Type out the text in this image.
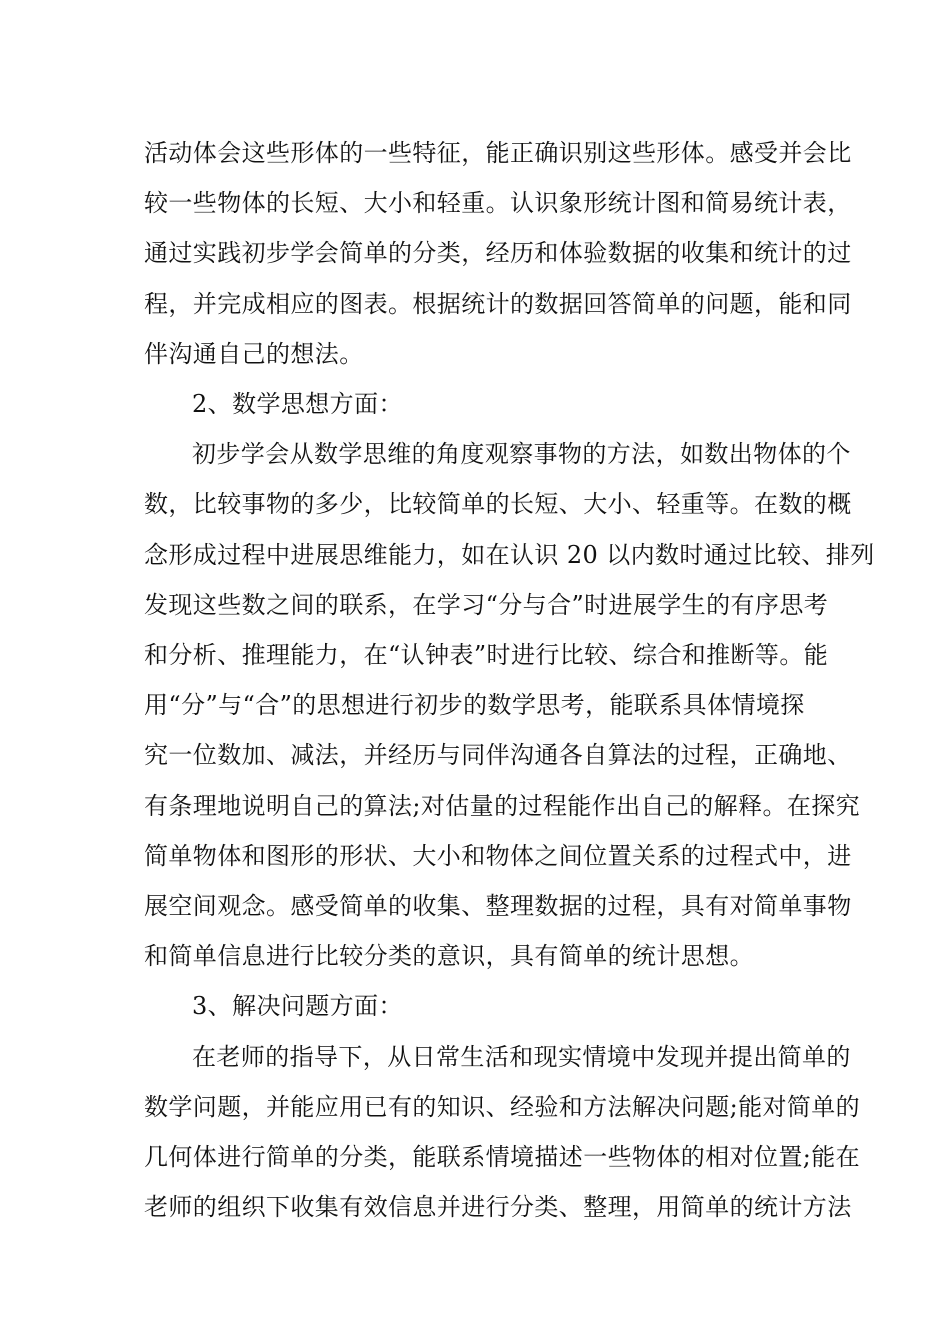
活动体会这些形体的一些特征，能正确识别这些形体。感受并会比
较一些物体的长短、大小和轻重。认识象形统计图和简易统计表，
通过实践初步学会简单的分类，经历和体验数据的收集和统计的过
程，并完成相应的图表。根据统计的数据回答简单的问题，能和同
伴沟通自己的想法。

2、数学思想方面：

初步学会从数学思维的角度观察事物的方法，如数出物体的个
数，比较事物的多少，比较简单的长短、大小、轻重等。在数的概
念形成过程中进展思维能力，如在认识 20 以内数时通过比较、排列
发现这些数之间的联系，在学习“分与合”时进展学生的有序思考
和分析、推理能力，在“认钟表”时进行比较、综合和推断等。能
用“分”与“合”的思想进行初步的数学思考，能联系具体情境探
究一位数加、减法，并经历与同伴沟通各自算法的过程，正确地、
有条理地说明自己的算法;对估量的过程能作出自己的解释。在探究
简单物体和图形的形状、大小和物体之间位置关系的过程式中，进
展空间观念。感受简单的收集、整理数据的过程，具有对简单事物
和简单信息进行比较分类的意识，具有简单的统计思想。

3、解决问题方面：

在老师的指导下，从日常生活和现实情境中发现并提出简单的
数学问题，并能应用已有的知识、经验和方法解决问题;能对简单的
几何体进行简单的分类，能联系情境描述一些物体的相对位置;能在
老师的组织下收集有效信息并进行分类、整理，用简单的统计方法
